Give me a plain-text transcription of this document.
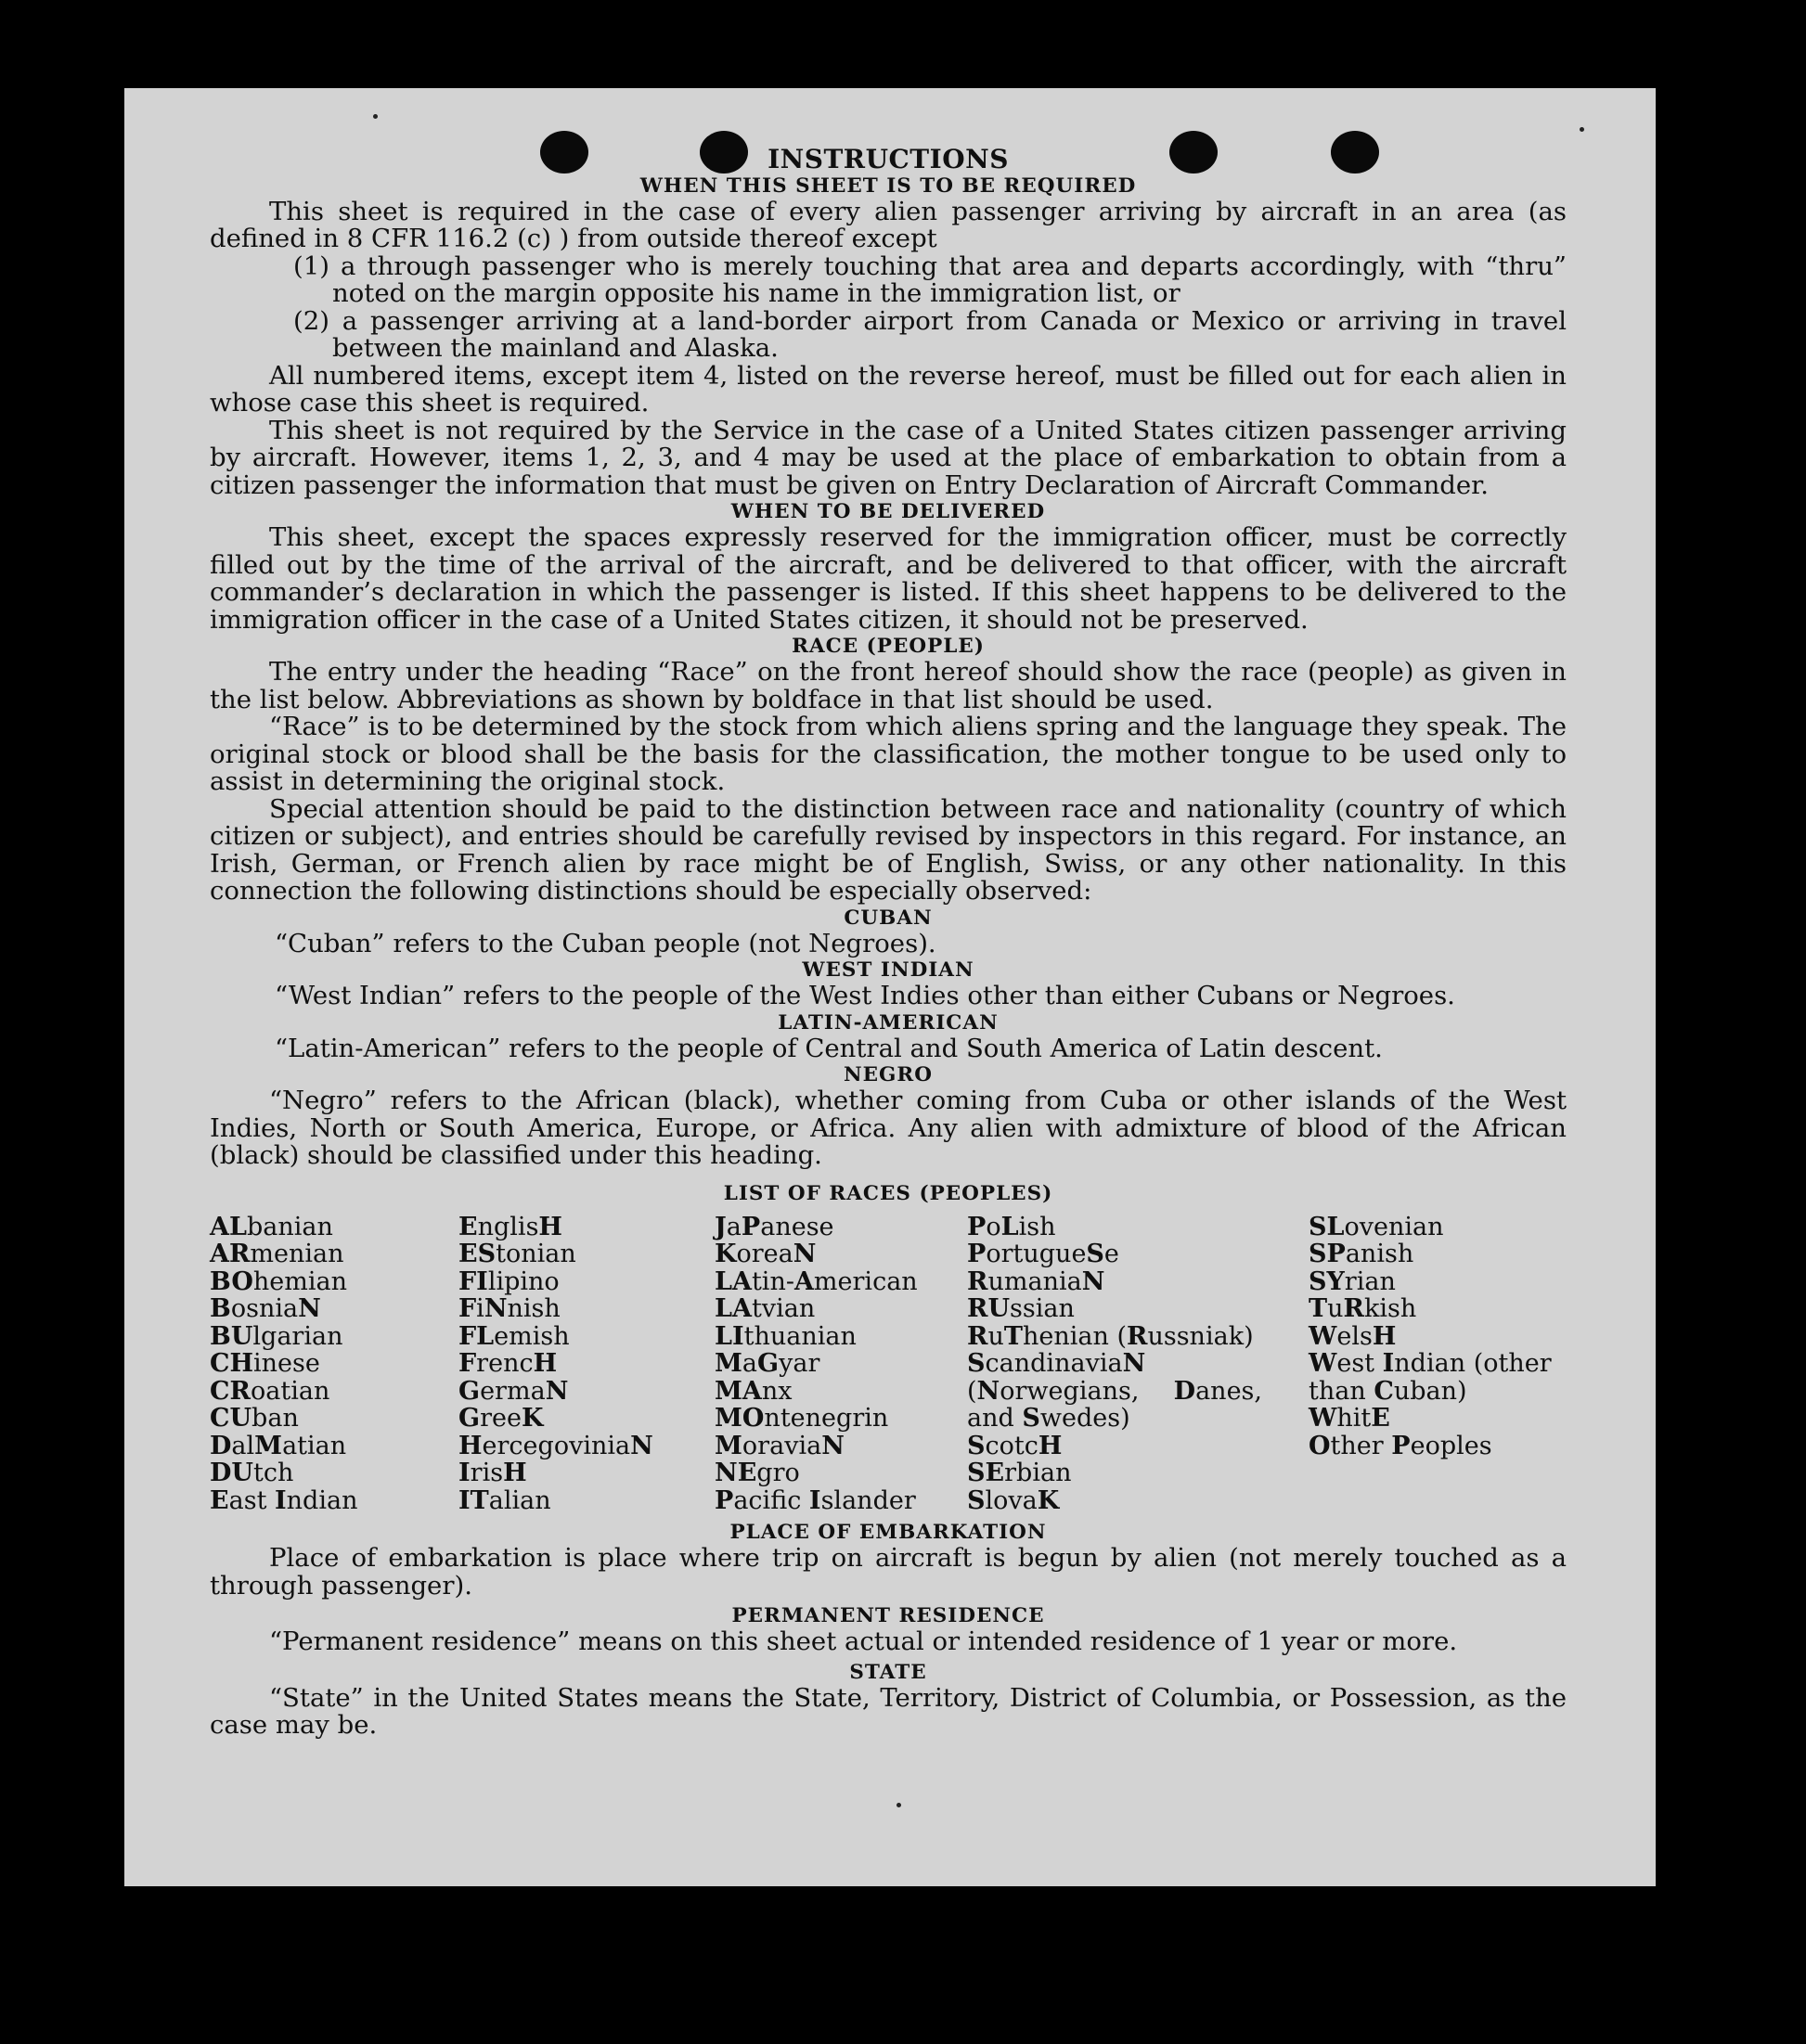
INSTRUCTIONS
WHEN THIS SHEET IS TO BE REQUIRED

This sheet is required in the case of every alien passenger arriving by aircraft in an area (as defined in 8 CFR 116.2 (c) ) from outside thereof except

(1) a through passenger who is merely touching that area and departs accordingly, with “thru” noted on the margin opposite his name in the immigration list, or

(2) a passenger arriving at a land-border airport from Canada or Mexico or arriving in travel between the mainland and Alaska.

All numbered items, except item 4, listed on the reverse hereof, must be filled out for each alien in whose case this sheet is required.

This sheet is not required by the Service in the case of a United States citizen passenger arriving by aircraft. However, items 1, 2, 3, and 4 may be used at the place of embarkation to obtain from a citizen passenger the information that must be given on Entry Declaration of Aircraft Commander.

WHEN TO BE DELIVERED

This sheet, except the spaces expressly reserved for the immigration officer, must be correctly filled out by the time of the arrival of the aircraft, and be delivered to that officer, with the aircraft commander’s declaration in which the passenger is listed. If this sheet happens to be delivered to the immigration officer in the case of a United States citizen, it should not be preserved.

RACE (PEOPLE)

The entry under the heading “Race” on the front hereof should show the race (people) as given in the list below. Abbreviations as shown by boldface in that list should be used.

“Race” is to be determined by the stock from which aliens spring and the language they speak. The original stock or blood shall be the basis for the classification, the mother tongue to be used only to assist in determining the original stock.

Special attention should be paid to the distinction between race and nationality (country of which citizen or subject), and entries should be carefully revised by inspectors in this regard. For instance, an Irish, German, or French alien by race might be of English, Swiss, or any other nationality. In this connection the following distinctions should be especially observed:

CUBAN

“Cuban” refers to the Cuban people (not Negroes).

WEST INDIAN

“West Indian” refers to the people of the West Indies other than either Cubans or Negroes.

LATIN-AMERICAN

“Latin-American” refers to the people of Central and South America of Latin descent.

NEGRO

“Negro” refers to the African (black), whether coming from Cuba or other islands of the West Indies, North or South America, Europe, or Africa. Any alien with admixture of blood of the African (black) should be classified under this heading.

LIST OF RACES (PEOPLES)
ALbanian
ARmenian
BOhemian
BosniaN
BUlgarian
CHinese
CRoatian
CUban
DalMatian
DUtch
East Indian
EnglisH
EStonian
FIlipino
FiNnish
FLemish
FrencH
GermaN
GreeK
HercegoviniaN
IrisH
ITalian
JaPanese
KoreaN
LAtin-American
LAtvian
LIthuanian
MaGyar
MAnx
MOntenegrin
MoraviaN
NEgro
Pacifc Islander
PoLish
PortugueSe
RumaniaN
RUssian
RuThenian (Russniak)
ScandinaviaN (Norwegians, Danes, and Swedes)
ScotcH
SErbian
SlovaK
SLovenian
SPanish
SYrian
TuRkish
WelsH
West Indian (other than Cuban)
WhitE
Other Peoples
PLACE OF EMBARKATION

Place of embarkation is place where trip on aircraft is begun by alien (not merely touched as a through passenger).

PERMANENT RESIDENCE

“Permanent residence” means on this sheet actual or intended residence of 1 year or more.

STATE

“State” in the United States means the State, Territory, District of Columbia, or Possession, as the case may be.
